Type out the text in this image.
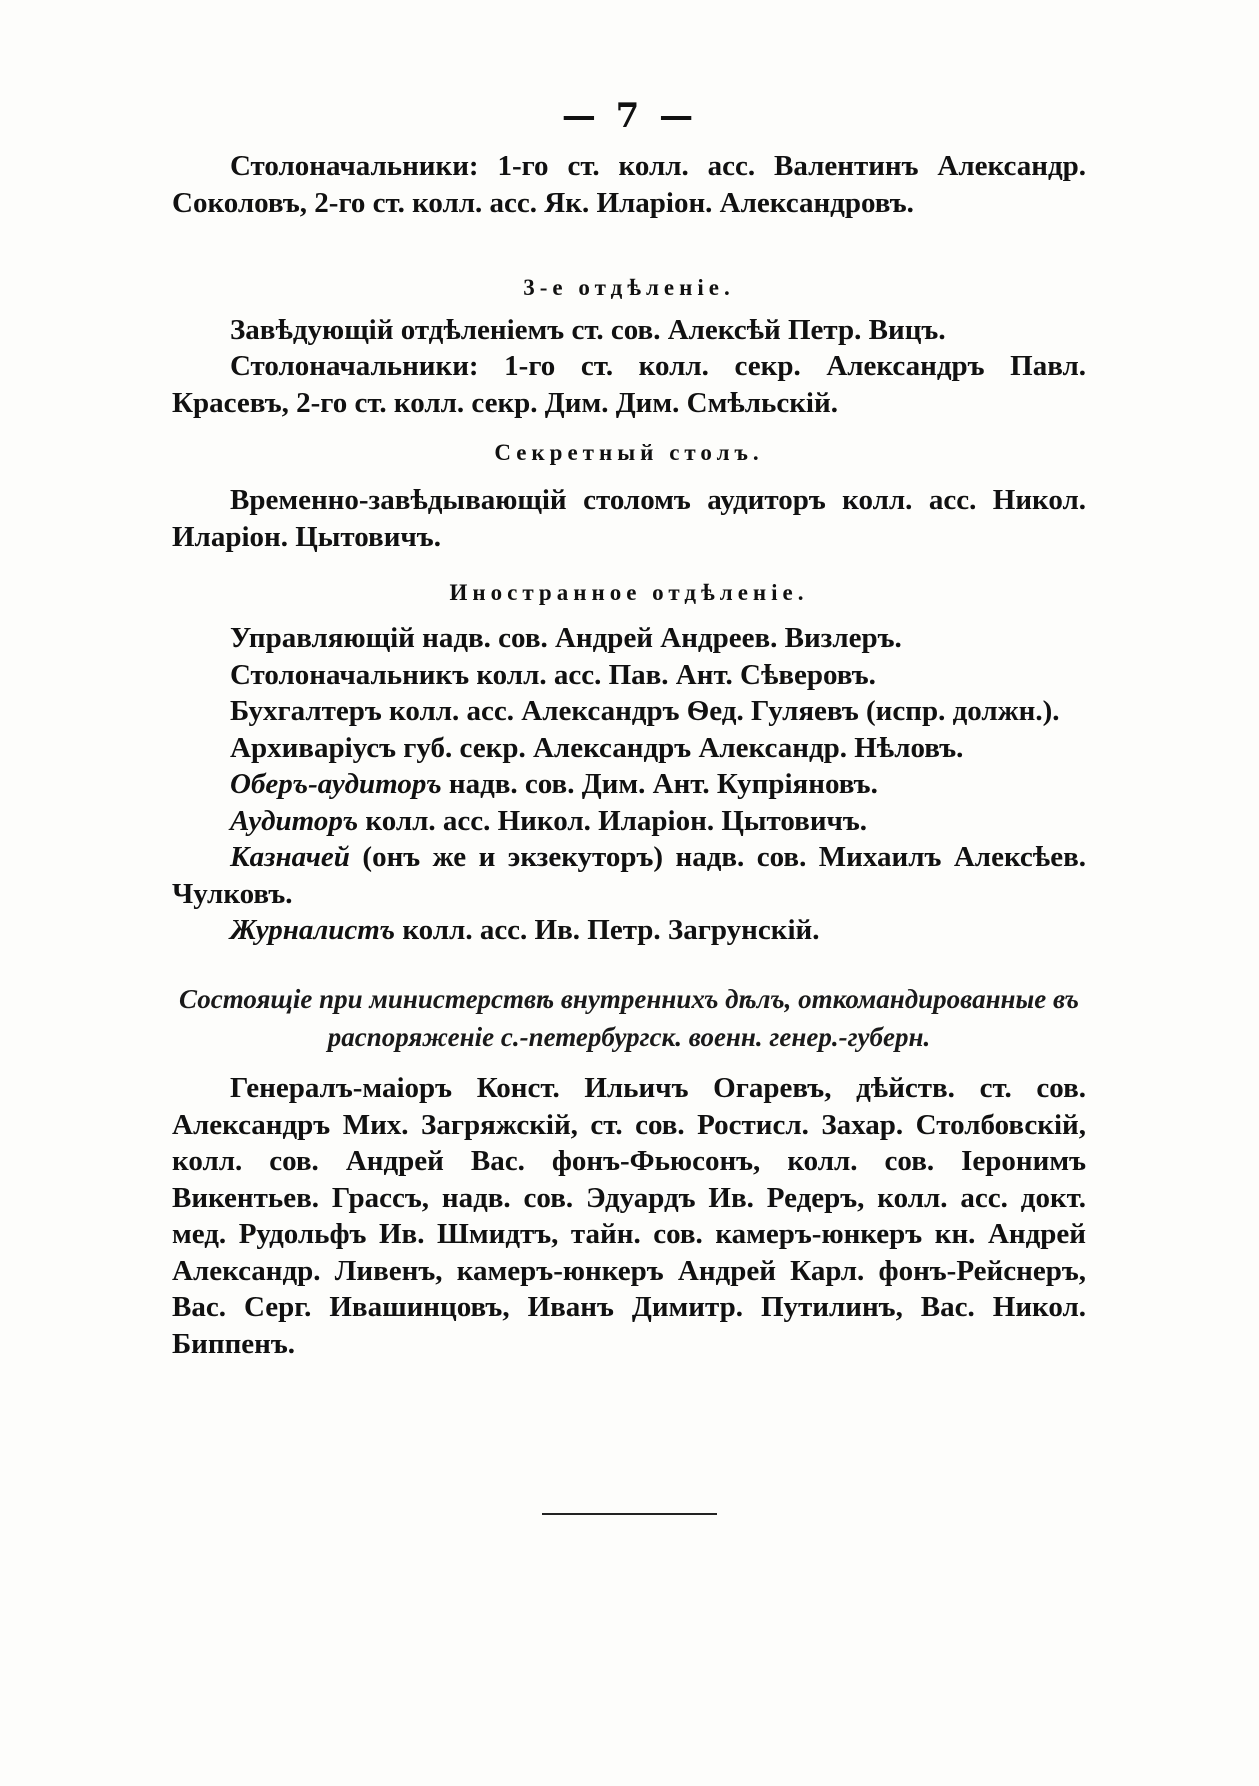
— 7 —
Столоначальники: 1-го ст. колл. асс. Валентинъ Александр. Соколовъ, 2-го ст. колл. асс. Як. Иларіон. Александровъ.
3-е отдѣленіе.
Завѣдующій отдѣленіемъ ст. сов. Алексѣй Петр. Вицъ.
Столоначальники: 1-го ст. колл. секр. Александръ Павл. Красевъ, 2-го ст. колл. секр. Дим. Дим. Смѣльскій.
Секретный столъ.
Временно-завѣдывающій столомъ аудиторъ колл. асс. Никол. Иларіон. Цытовичъ.
Иностранное отдѣленіе.
Управляющій надв. сов. Андрей Андреев. Визлеръ.
Столоначальникъ колл. асс. Пав. Ант. Сѣверовъ.
Бухгалтеръ колл. асс. Александръ Ѳед. Гуляевъ (испр. должн.).
Архиваріусъ губ. секр. Александръ Александр. Нѣловъ.
Оберъ-аудиторъ надв. сов. Дим. Ант. Купріяновъ.
Аудиторъ колл. асс. Никол. Иларіон. Цытовичъ.
Казначей (онъ же и экзекуторъ) надв. сов. Михаилъ Алексѣев. Чулковъ.
Журналистъ колл. асс. Ив. Петр. Загрунскій.
Состоящіе при министерствѣ внутреннихъ дѣлъ, откомандированные въ распоряженіе с.-петербургск. военн. генер.-губерн.
Генералъ-маіоръ Конст. Ильичъ Огаревъ, дѣйств. ст. сов. Александръ Мих. Загряжскій, ст. сов. Ростисл. Захар. Столбовскій, колл. сов. Андрей Вас. фонъ-Фьюсонъ, колл. сов. Іеронимъ Викентьев. Грассъ, надв. сов. Эдуардъ Ив. Редеръ, колл. асс. докт. мед. Рудольфъ Ив. Шмидтъ, тайн. сов. камеръ-юнкеръ кн. Андрей Александр. Ливенъ, камеръ-юнкеръ Андрей Карл. фонъ-Рейснеръ, Вас. Серг. Ивашинцовъ, Иванъ Димитр. Путилинъ, Вас. Никол. Биппенъ.
